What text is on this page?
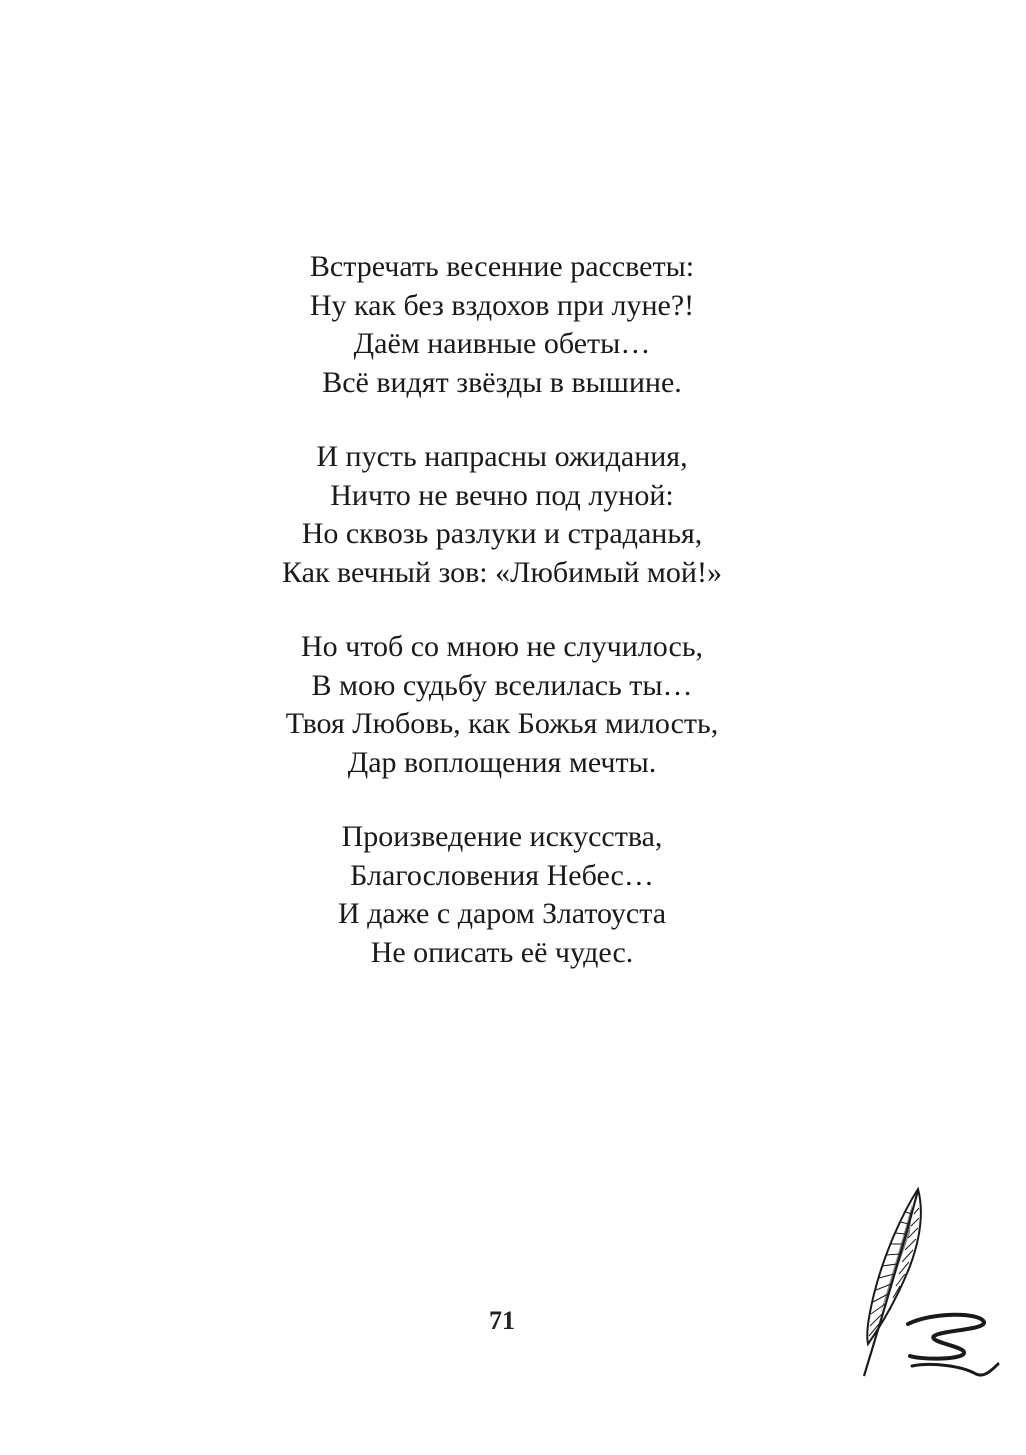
Встречать весенние рассветы:
Ну как без вздохов при луне?!
Даём наивные обеты…
Всё видят звёзды в вышине.
И пусть напрасны ожидания,
Ничто не вечно под луной:
Но сквозь разлуки и страданья,
Как вечный зов: «Любимый мой!»
Но чтоб со мною не случилось,
В мою судьбу вселилась ты…
Твоя Любовь, как Божья милость,
Дар воплощения мечты.
Произведение искусства,
Благословения Небес…
И даже с даром Златоуста
Не описать её чудес.
71
